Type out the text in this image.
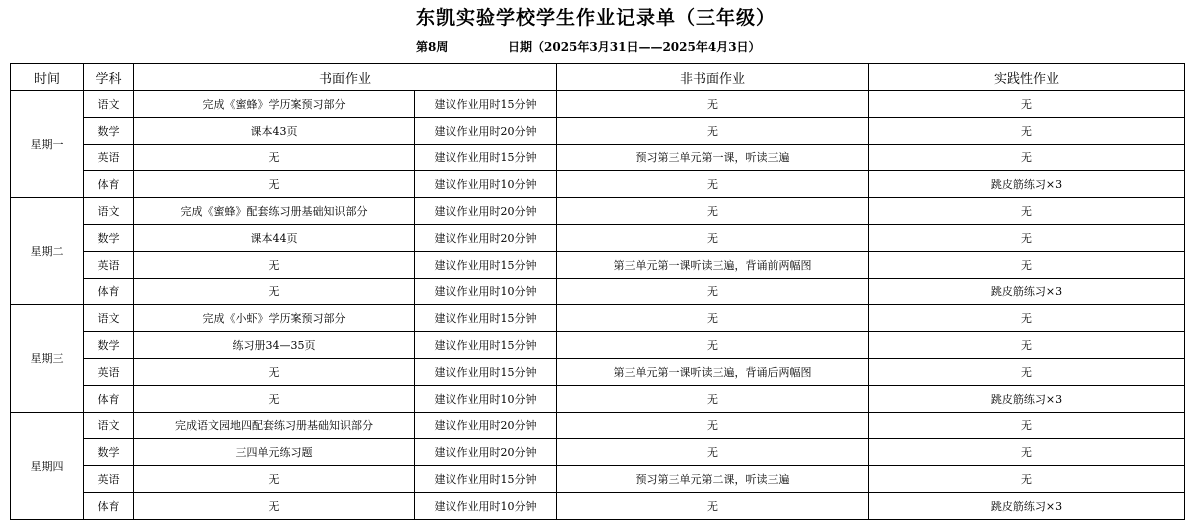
东凯实验学校学生作业记录单（三年级）
第8周	日期（2025年3月31日——2025年4月3日）
时间	学科	书面作业		非书面作业	实践性作业
星期一	语文	完成《蜜蜂》学历案预习部分	建议作业用时15分钟	无	无
	数学	课本43页	建议作业用时20分钟	无	无
	英语	无	建议作业用时15分钟	预习第三单元第一课，听读三遍	无
	体育	无	建议作业用时10分钟	无	跳皮筋练习×3
星期二	语文	完成《蜜蜂》配套练习册基础知识部分	建议作业用时20分钟	无	无
	数学	课本44页	建议作业用时20分钟	无	无
	英语	无	建议作业用时15分钟	第三单元第一课听读三遍，背诵前两幅图	无
	体育	无	建议作业用时10分钟	无	跳皮筋练习×3
星期三	语文	完成《小虾》学历案预习部分	建议作业用时15分钟	无	无
	数学	练习册34—35页	建议作业用时15分钟	无	无
	英语	无	建议作业用时15分钟	第三单元第一课听读三遍，背诵后两幅图	无
	体育	无	建议作业用时10分钟	无	跳皮筋练习×3
星期四	语文	完成语文园地四配套练习册基础知识部分	建议作业用时20分钟	无	无
	数学	三四单元练习题	建议作业用时20分钟	无	无
	英语	无	建议作业用时15分钟	预习第三单元第二课，听读三遍	无
	体育	无	建议作业用时10分钟	无	跳皮筋练习×3
